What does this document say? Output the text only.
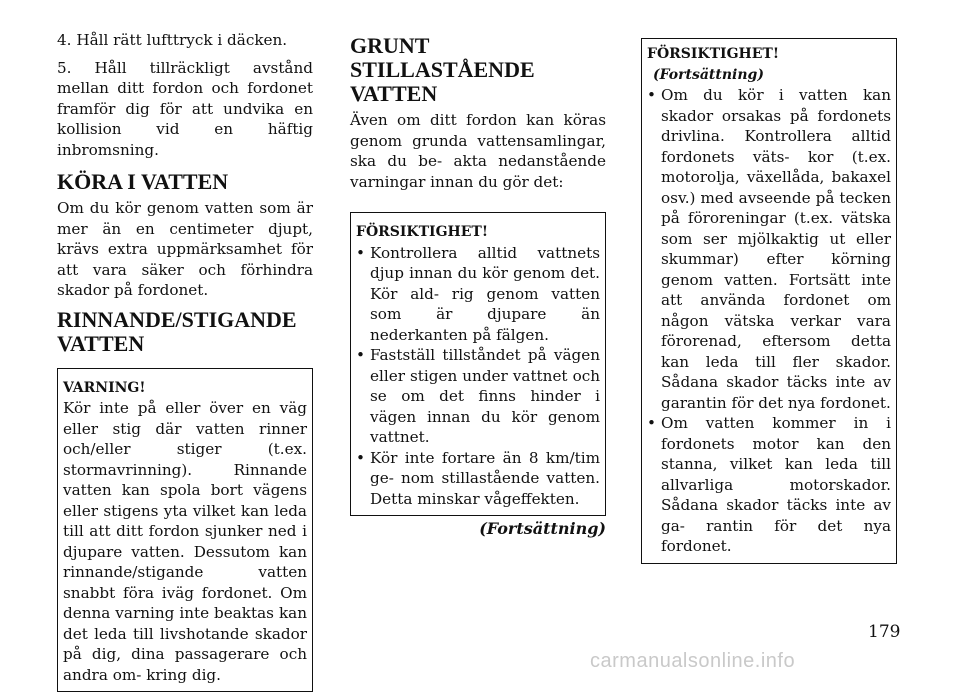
4. Håll rätt lufttryck i däcken.

5. Håll tillräckligt avstånd mellan ditt fordon och fordonet framför dig för att undvika en kollision vid en häftig inbromsning.

KÖRA I VATTEN

Om du kör genom vatten som är mer än en centimeter djupt, krävs extra uppmärksamhet för att vara säker och förhindra skador på fordonet.

RINNANDE/STIGANDE
VATTEN
VARNING!

Kör inte på eller över en väg eller stig där vatten rinner och/eller stiger (t.ex. stormavrinning). Rinnande vatten kan spola bort vägens eller stigens yta vilket kan leda till att ditt fordon sjunker ned i djupare vatten. Dessutom kan rinnande/stigande vatten snabbt föra iväg fordonet. Om denna varning inte beaktas kan det leda till livshotande skador på dig, dina passagerare och andra om- kring dig.

GRUNT STILLASTÅENDE
VATTEN

Även om ditt fordon kan köras genom grunda vattensamlingar, ska du be- akta nedanstående varningar innan du gör det:

FÖRSIKTIGHET!
• Kontrollera alltid vattnets djup innan du kör genom det. Kör ald- rig genom vatten som är djupare än nederkanten på fälgen.
• Fastställ tillståndet på vägen eller stigen under vattnet och se om det finns hinder i vägen innan du kör genom vattnet.
• Kör inte fortare än 8 km/tim ge- nom stillastående vatten. Detta minskar vågeffekten.
(Fortsättning)
FÖRSIKTIGHET!(Fortsättning)
• Om du kör i vatten kan skador orsakas på fordonets drivlina. Kontrollera alltid fordonets väts- kor (t.ex. motorolja, växellåda, bakaxel osv.) med avseende på tecken på föroreningar (t.ex. vätska som ser mjölkaktig ut eller skummar) efter körning genom vatten. Fortsätt inte att använda fordonet om någon vätska verkar vara förorenad, eftersom detta kan leda till fler skador. Sådana skador täcks inte av garantin för det nya fordonet.
• Om vatten kommer in i fordonets motor kan den stanna, vilket kan leda till allvarliga motorskador. Sådana skador täcks inte av ga- rantin för det nya fordonet.
179
carmanualsonline.info
